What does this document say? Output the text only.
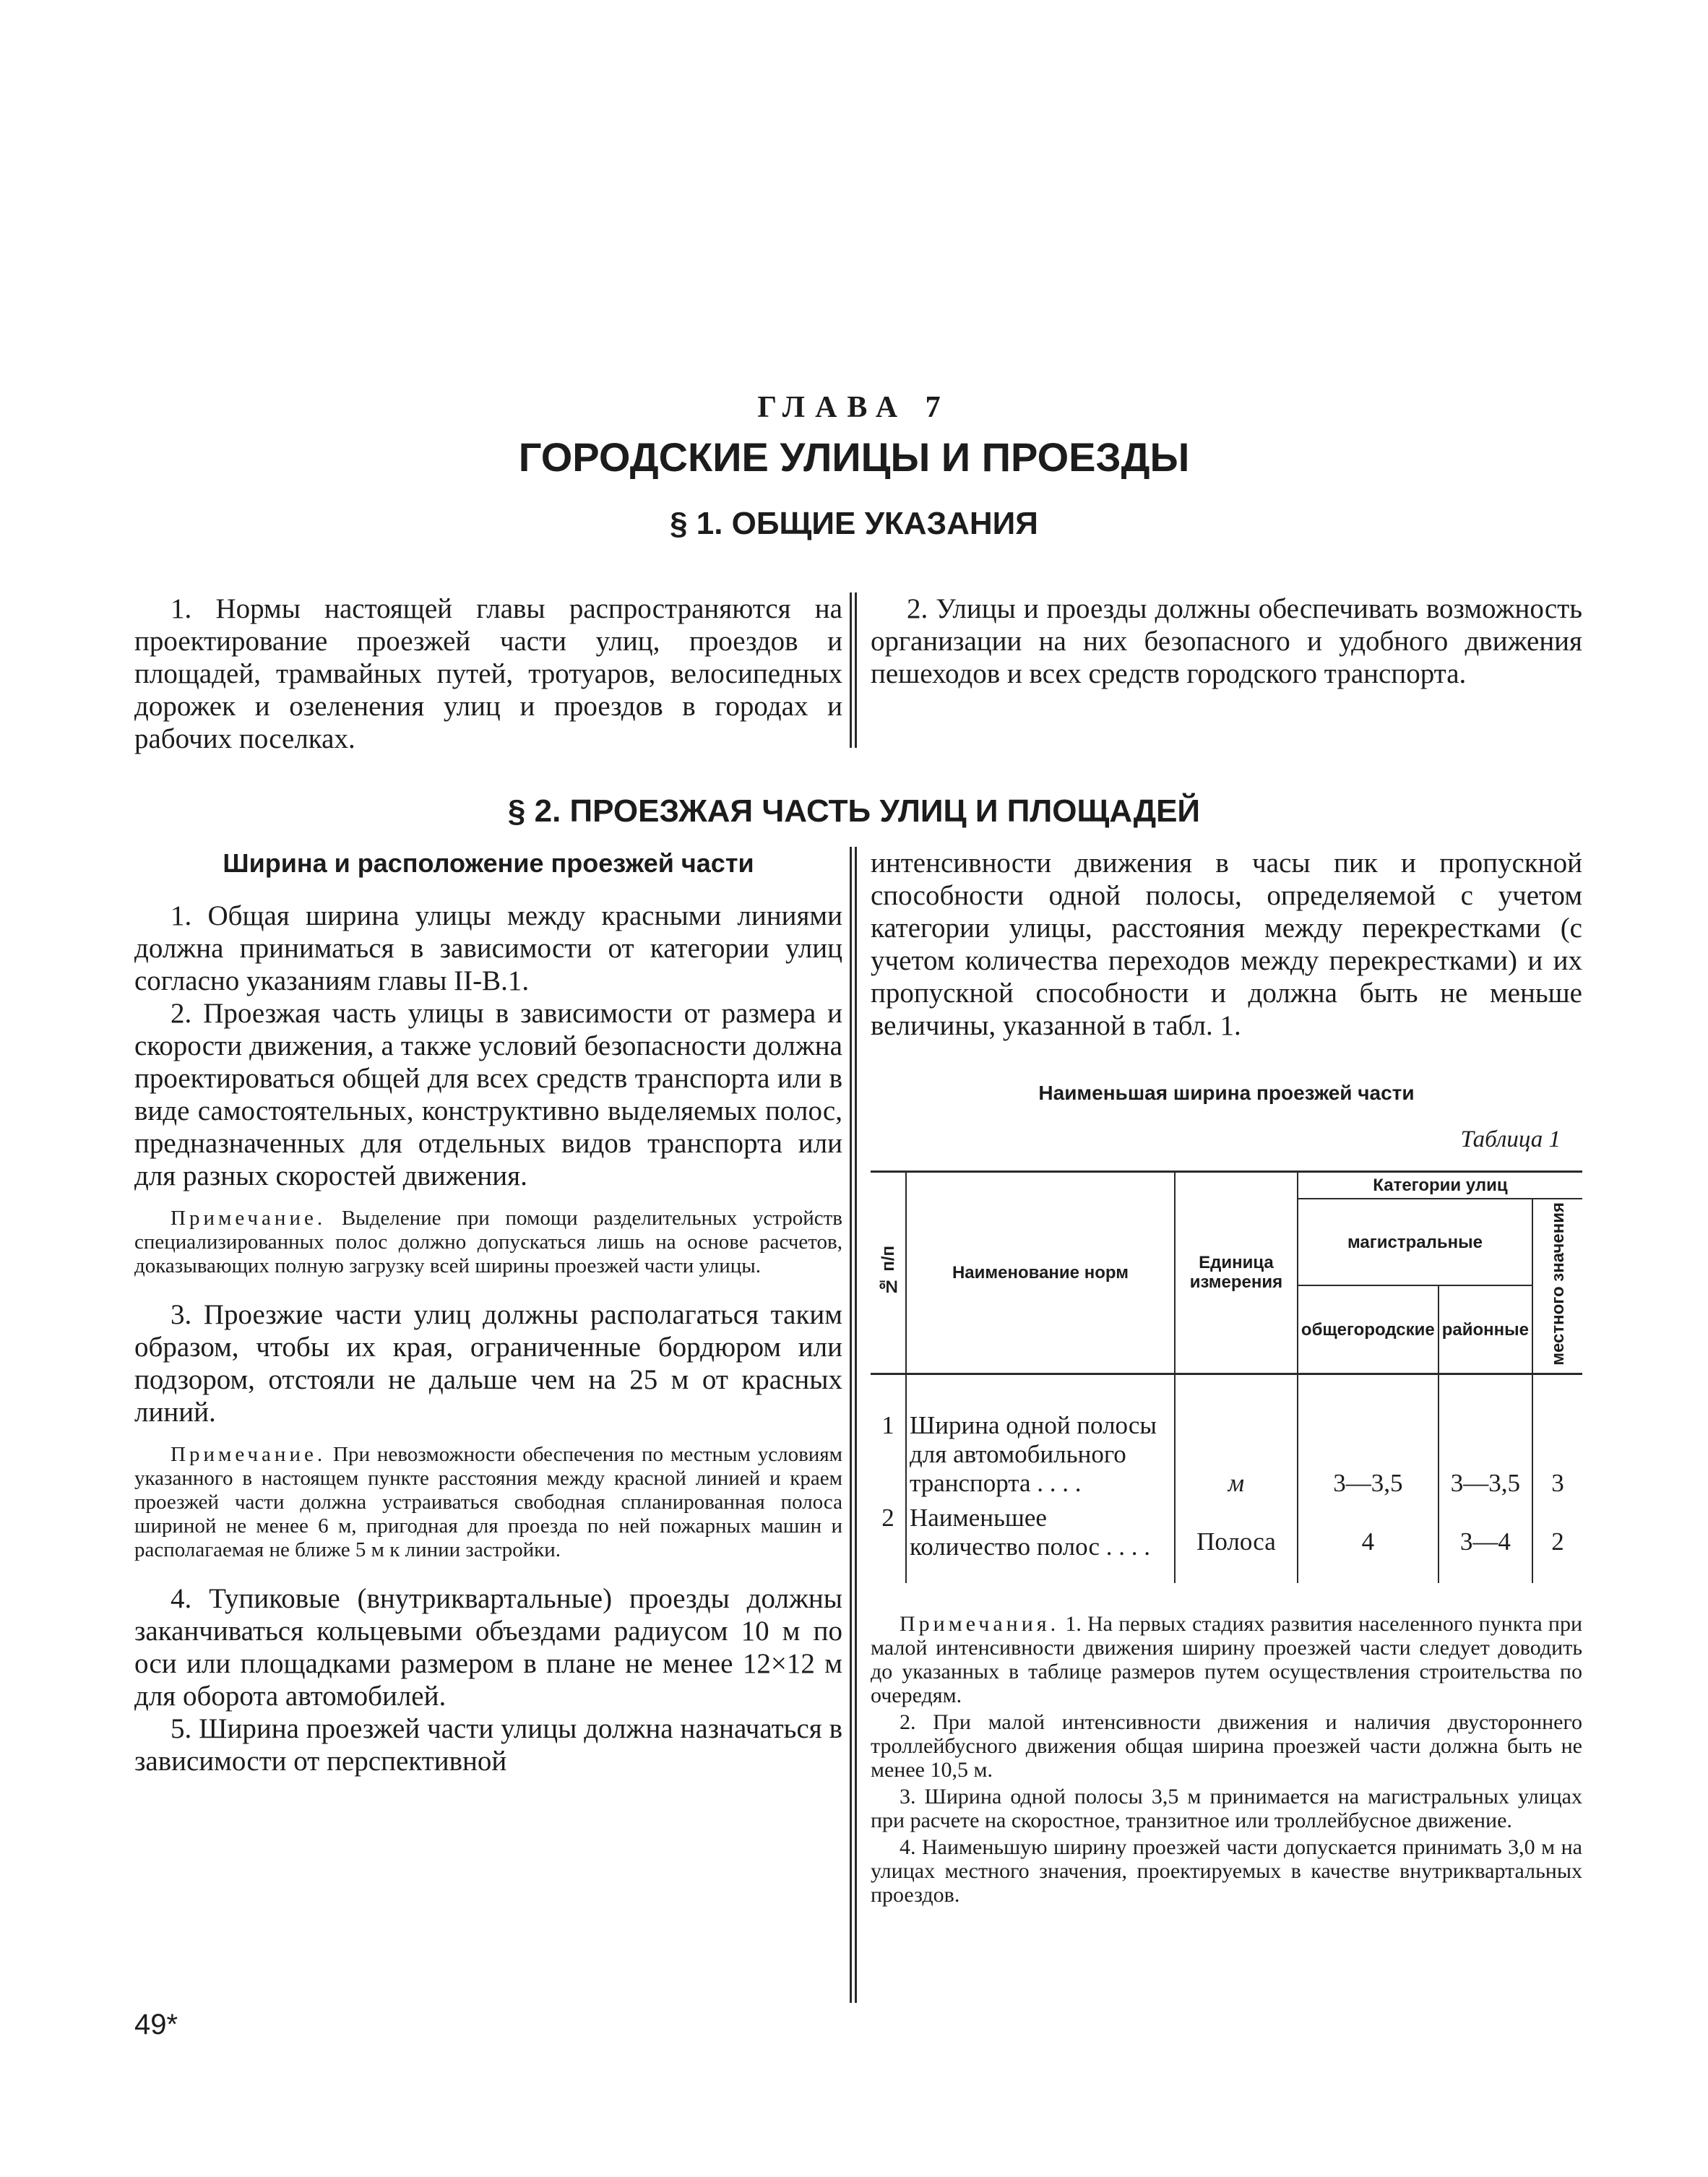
ГЛАВА 7
ГОРОДСКИЕ УЛИЦЫ И ПРОЕЗДЫ
§ 1. ОБЩИЕ УКАЗАНИЯ

1. Нормы настоящей главы распространяются на проектирование проезжей части улиц, проездов и площадей, трамвайных путей, тротуаров, велосипедных дорожек и озеленения улиц и проездов в городах и рабочих поселках.

2. Улицы и проезды должны обеспечивать возможность организации на них безопасного и удобного движения пешеходов и всех средств городского транспорта.

§ 2. ПРОЕЗЖАЯ ЧАСТЬ УЛИЦ И ПЛОЩАДЕЙ
Ширина и расположение проезжей части

1. Общая ширина улицы между красными линиями должна приниматься в зависимости от категории улиц согласно указаниям главы II-В.1.

2. Проезжая часть улицы в зависимости от размера и скорости движения, а также условий безопасности должна проектироваться общей для всех средств транспорта или в виде самостоятельных, конструктивно выделяемых полос, предназначенных для отдельных видов транспорта или для разных скоростей движения.

Примечание. Выделение при помощи разделительных устройств специализированных полос должно допускаться лишь на основе расчетов, доказывающих полную загрузку всей ширины проезжей части улицы.

3. Проезжие части улиц должны располагаться таким образом, чтобы их края, ограниченные бордюром или подзором, отстояли не дальше чем на 25 м от красных линий.

Примечание. При невозможности обеспечения по местным условиям указанного в настоящем пункте расстояния между красной линией и краем проезжей части должна устраиваться свободная спланированная полоса шириной не менее 6 м, пригодная для проезда по ней пожарных машин и располагаемая не ближе 5 м к линии застройки.

4. Тупиковые (внутриквартальные) проезды должны заканчиваться кольцевыми объездами радиусом 10 м по оси или площадками размером в плане не менее 12×12 м для оборота автомобилей.

5. Ширина проезжей части улицы должна назначаться в зависимости от перспективной

интенсивности движения в часы пик и пропускной способности одной полосы, определяемой с учетом категории улицы, расстояния между перекрестками (с учетом количества переходов между перекрестками) и их пропускной способности и должна быть не меньше величины, указанной в табл. 1.

Наименьшая ширина проезжей части
Таблица 1
№ п/п	Наименование норм	Единица измерения	Категории улиц		
			магистральные		местного значения
			общегородские	районные	
1	Ширина одной полосы для автомобильного транспорта . . . .	м	3—3,5	3—3,5	3
2	Наименьшее количество полос . . . .	Полоса	4	3—4	2

Примечания. 1. На первых стадиях развития населенного пункта при малой интенсивности движения ширину проезжей части следует доводить до указанных в таблице размеров путем осуществления строительства по очередям.

2. При малой интенсивности движения и наличия двустороннего троллейбусного движения общая ширина проезжей части должна быть не менее 10,5 м.

3. Ширина одной полосы 3,5 м принимается на магистральных улицах при расчете на скоростное, транзитное или троллейбусное движение.

4. Наименьшую ширину проезжей части допускается принимать 3,0 м на улицах местного значения, проектируемых в качестве внутриквартальных проездов.

49*
